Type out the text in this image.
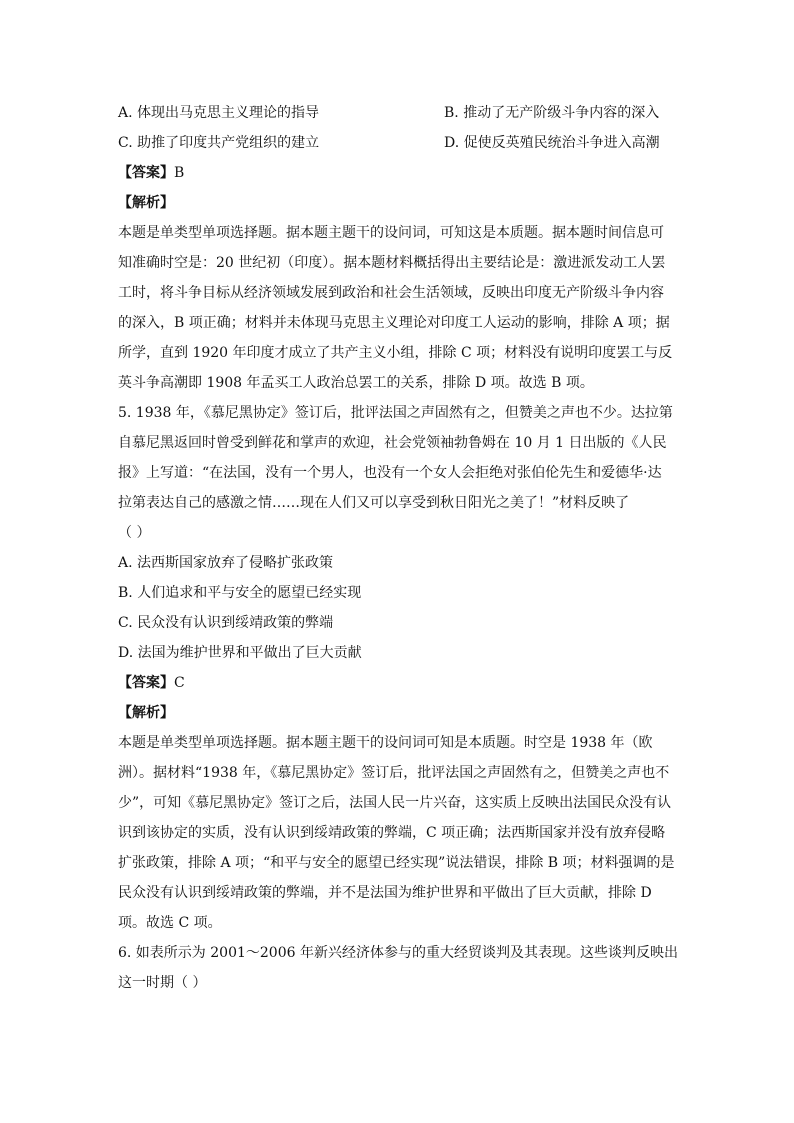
A. 体现出马克思主义理论的指导	B. 推动了无产阶级斗争内容的深入
C. 助推了印度共产党组织的建立	D. 促使反英殖民统治斗争进入高潮
【答案】B
【解析】
本题是单类型单项选择题。据本题主题干的设问词，可知这是本质题。据本题时间信息可
知准确时空是：20 世纪初（印度）。据本题材料概括得出主要结论是：激进派发动工人罢
工时，将斗争目标从经济领域发展到政治和社会生活领域，反映出印度无产阶级斗争内容
的深入，B 项正确；材料并未体现马克思主义理论对印度工人运动的影响，排除 A 项；据
所学，直到 1920 年印度才成立了共产主义小组，排除 C 项；材料没有说明印度罢工与反
英斗争高潮即 1908 年孟买工人政治总罢工的关系，排除 D 项。故选 B 项。
5. 1938 年，《慕尼黑协定》签订后，批评法国之声固然有之，但赞美之声也不少。达拉第
自慕尼黑返回时曾受到鲜花和掌声的欢迎，社会党领袖勃鲁姆在 10 月 1 日出版的《人民
报》上写道：“在法国，没有一个男人，也没有一个女人会拒绝对张伯伦先生和爱德华·达
拉第表达自己的感激之情……现在人们又可以享受到秋日阳光之美了！”材料反映了
（ ）
A. 法西斯国家放弃了侵略扩张政策
B. 人们追求和平与安全的愿望已经实现
C. 民众没有认识到绥靖政策的弊端
D. 法国为维护世界和平做出了巨大贡献
【答案】C
【解析】
本题是单类型单项选择题。据本题主题干的设问词可知是本质题。时空是 1938 年（欧
洲）。据材料“1938 年，《慕尼黑协定》签订后，批评法国之声固然有之，但赞美之声也不
少”，可知《慕尼黑协定》签订之后，法国人民一片兴奋，这实质上反映出法国民众没有认
识到该协定的实质，没有认识到绥靖政策的弊端，C 项正确；法西斯国家并没有放弃侵略
扩张政策，排除 A 项；“和平与安全的愿望已经实现”说法错误，排除 B 项；材料强调的是
民众没有认识到绥靖政策的弊端，并不是法国为维护世界和平做出了巨大贡献，排除 D
项。故选 C 项。
6. 如表所示为 2001～2006 年新兴经济体参与的重大经贸谈判及其表现。这些谈判反映出
这一时期（ ）
